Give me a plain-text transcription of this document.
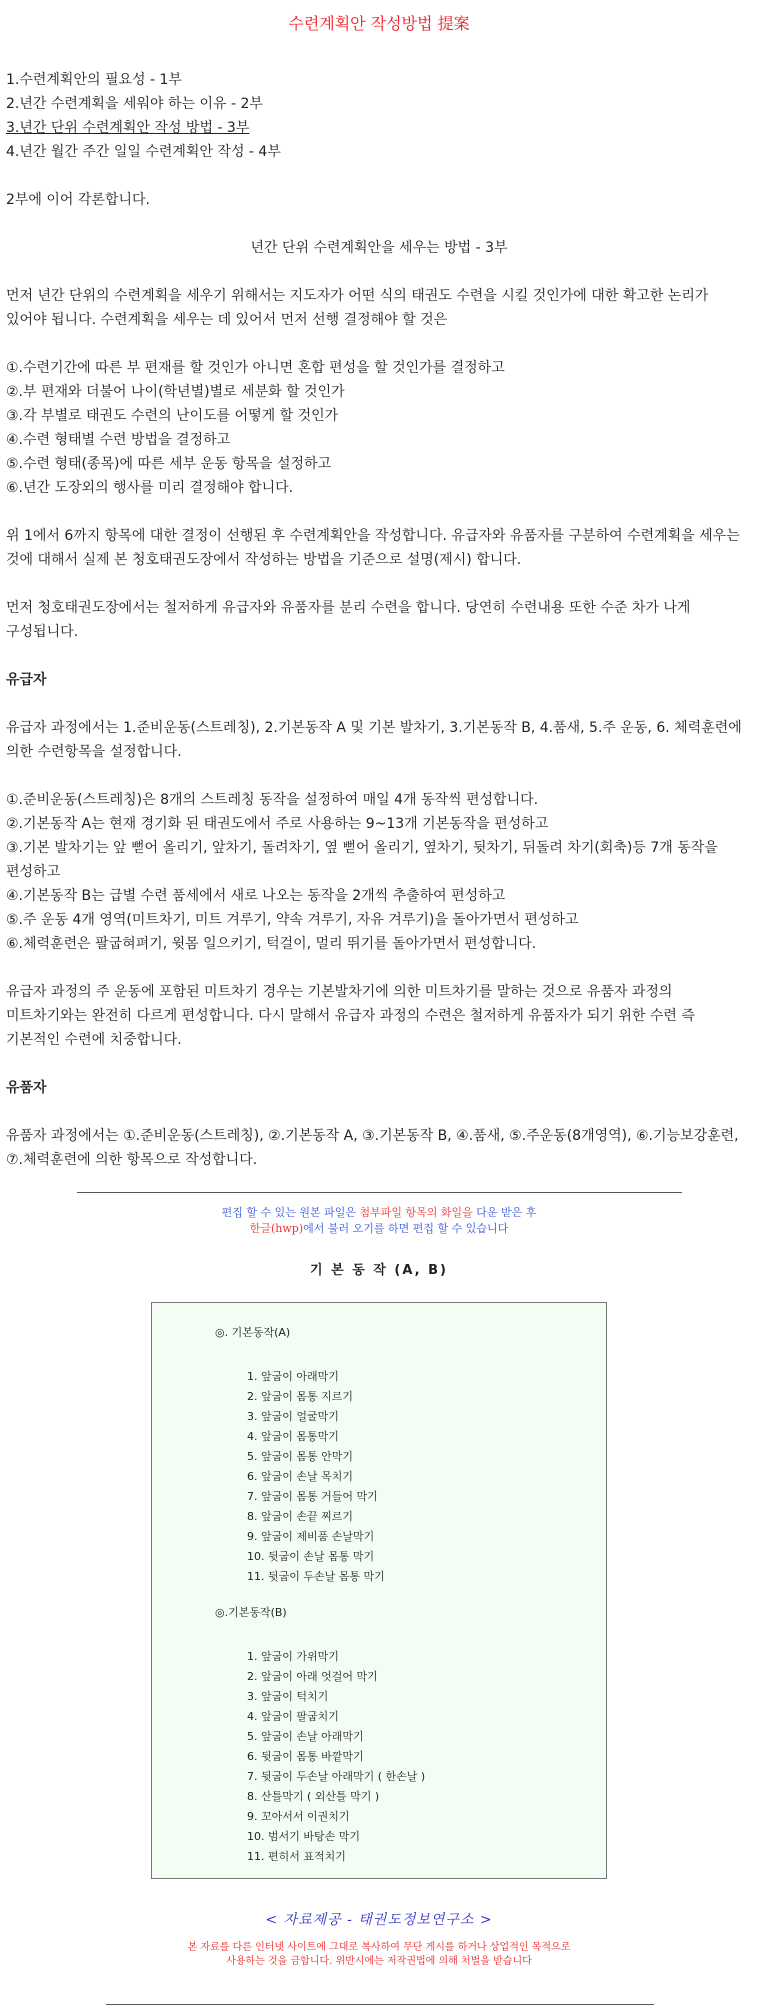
수련계획안 작성방법 提案
1.수련계획안의 필요성 - 1부
2.년간 수련계획을 세워야 하는 이유 - 2부
3.년간 단위 수련계획안 작성 방법 - 3부
4.년간 월간 주간 일일 수련계획안 작성 - 4부
2부에 이어 각론합니다.
년간 단위 수련계획안을 세우는 방법 - 3부
먼저 년간 단위의 수련계획을 세우기 위해서는 지도자가 어떤 식의 태권도 수련을 시킬 것인가에 대한 확고한 논리가 있어야 됩니다. 수련계획을 세우는 데 있어서 먼저 선행 결정해야 할 것은
①.수련기간에 따른 부 편재를 할 것인가 아니면 혼합 편성을 할 것인가를 결정하고
②.부 편재와 더불어 나이(학년별)별로 세분화 할 것인가
③.각 부별로 태권도 수련의 난이도를 어떻게 할 것인가
④.수련 형태별 수련 방법을 결정하고
⑤.수련 형태(종목)에 따른 세부 운동 항목을 설정하고
⑥.년간 도장외의 행사를 미리 결정해야 합니다.
위 1에서 6까지 항목에 대한 결정이 선행된 후 수련계획안을 작성합니다. 유급자와 유품자를 구분하여 수련계획을 세우는 것에 대해서 실제 본 청호태권도장에서 작성하는 방법을 기준으로 설명(제시) 합니다.
먼저 청호태권도장에서는 철저하게 유급자와 유품자를 분리 수련을 합니다. 당연히 수련내용 또한 수준 차가 나게 구성됩니다.
유급자
유급자 과정에서는 1.준비운동(스트레칭), 2.기본동작 A 및 기본 발차기, 3.기본동작 B, 4.품새, 5.주 운동, 6. 체력훈련에 의한 수련항목을 설정합니다.
①.준비운동(스트레칭)은 8개의 스트레칭 동작을 설정하여 매일 4개 동작씩 편성합니다.
②.기본동작 A는 현재 경기화 된 태권도에서 주로 사용하는 9~13개 기본동작을 편성하고
③.기본 발차기는 앞 뻗어 올리기, 앞차기, 돌려차기, 옆 뻗어 올리기, 옆차기, 뒷차기, 뒤돌려 차기(회축)등 7개 동작을 편성하고
④.기본동작 B는 급별 수련 품세에서 새로 나오는 동작을 2개씩 추출하여 편성하고
⑤.주 운동 4개 영역(미트차기, 미트 겨루기, 약속 겨루기, 자유 겨루기)을 돌아가면서 편성하고
⑥.체력훈련은 팔굽혀펴기, 윗몸 일으키기, 턱걸이, 멀리 뛰기를 돌아가면서 편성합니다.
유급자 과정의 주 운동에 포함된 미트차기 경우는 기본발차기에 의한 미트차기를 말하는 것으로 유품자 과정의 미트차기와는 완전히 다르게 편성합니다. 다시 말해서 유급자 과정의 수련은 철저하게 유품자가 되기 위한 수련 즉 기본적인 수련에 치중합니다.
유품자
유품자 과정에서는 ①.준비운동(스트레칭), ②.기본동작 A, ③.기본동작 B, ④.품새, ⑤.주운동(8개영역), ⑥.기능보강훈련, ⑦.체력훈련에 의한 항목으로 작성합니다.
편집 할 수 있는 원본 파일은 첨부파일 항목의 화일을 다운 받은 후
한글(hwp)에서 불러 오기를 하면 편집 할 수 있습니다
기 본 동 작 (A, B)
◎. 기본동작(A)
1. 앞굽이 아래막기
2. 앞굽이 몸통 지르기
3. 앞굽이 얼굴막기
4. 앞굽이 몸통막기
5. 앞굽이 몸통 안막기
6. 앞굽이 손날 목치기
7. 앞굽이 몸통 거들어 막기
8. 앞굽이 손끝 찌르기
9. 앞굽이 제비품 손날막기
10. 뒷굽이 손날 몸통 막기
11. 뒷굽이 두손날 몸통 막기
◎.기본동작(B)
1. 앞굽이 가위막기
2. 앞굽이 아래 엇걸어 막기
3. 앞굽이 턱치기
4. 앞굽이 팔굽치기
5. 앞굽이 손날 아래막기
6. 뒷굽이 몸통 바깥막기
7. 뒷굽이 두손날 아래막기 ( 한손날 )
8. 산틀막기 ( 외산틀 막기 )
9. 꼬아서서 이권치기
10. 범서기 바탕손 막기
11. 편히서 표적치기
< 자료제공 - 태권도정보연구소 >
본 자료를 다른 인터넷 사이트에 그대로 복사하여 무단 게시를 하거나 상업적인 목적으로
사용하는 것을 금합니다. 위반시에는 저작권법에 의해 처벌을 받습니다
